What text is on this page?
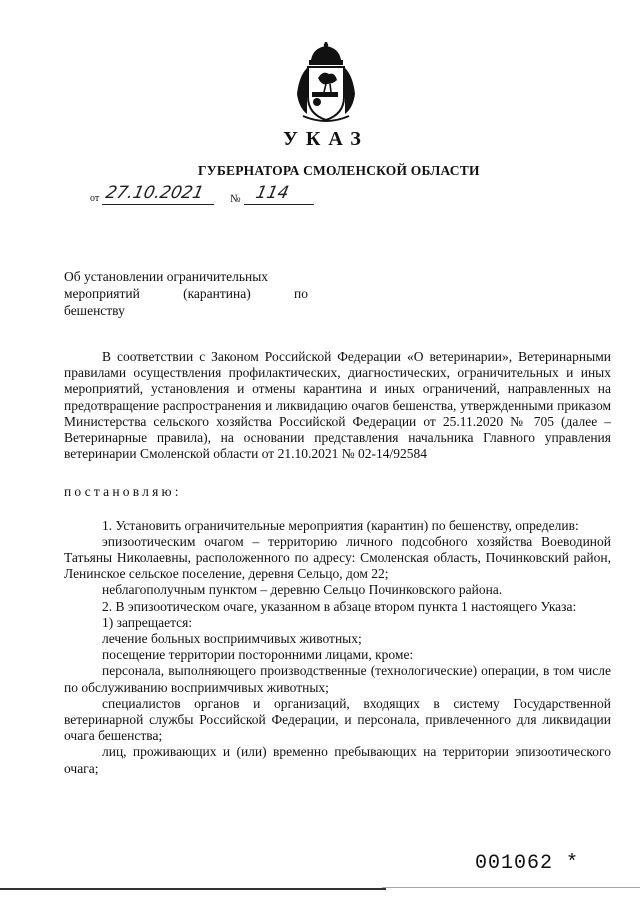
УКАЗ
ГУБЕРНАТОРА СМОЛЕНСКОЙ ОБЛАСТИ
от 27.10.2021 № 114
Об установлении ограничительных
мероприятий	(карантина)	по
бешенству

В соответствии с Законом Российской Федерации «О ветеринарии», Ветеринарными правилами осуществления профилактических, диагностических, ограничительных и иных мероприятий, установления и отмены карантина и иных ограничений, направленных на предотвращение распространения и ликвидацию очагов бешенства, утвержденными приказом Министерства сельского хозяйства Российской Федерации от 25.11.2020 № 705 (далее – Ветеринарные правила), на основании представления начальника Главного управления ветеринарии Смоленской области от 21.10.2021 № 02-14/92584

постановляю:

1. Установить ограничительные мероприятия (карантин) по бешенству, определив:

эпизоотическим очагом – территорию личного подсобного хозяйства Воеводиной Татьяны Николаевны, расположенного по адресу: Смоленская область, Починковский район, Ленинское сельское поселение, деревня Сельцо, дом 22;

неблагополучным пунктом – деревню Сельцо Починковского района.

2. В эпизоотическом очаге, указанном в абзаце втором пункта 1 настоящего Указа:

1) запрещается:

лечение больных восприимчивых животных;

посещение территории посторонними лицами, кроме:

персонала, выполняющего производственные (технологические) операции, в том числе по обслуживанию восприимчивых животных;

специалистов органов и организаций, входящих в систему Государственной ветеринарной службы Российской Федерации, и персонала, привлеченного для ликвидации очага бешенства;

лиц, проживающих и (или) временно пребывающих на территории эпизоотического очага;

001062 *
